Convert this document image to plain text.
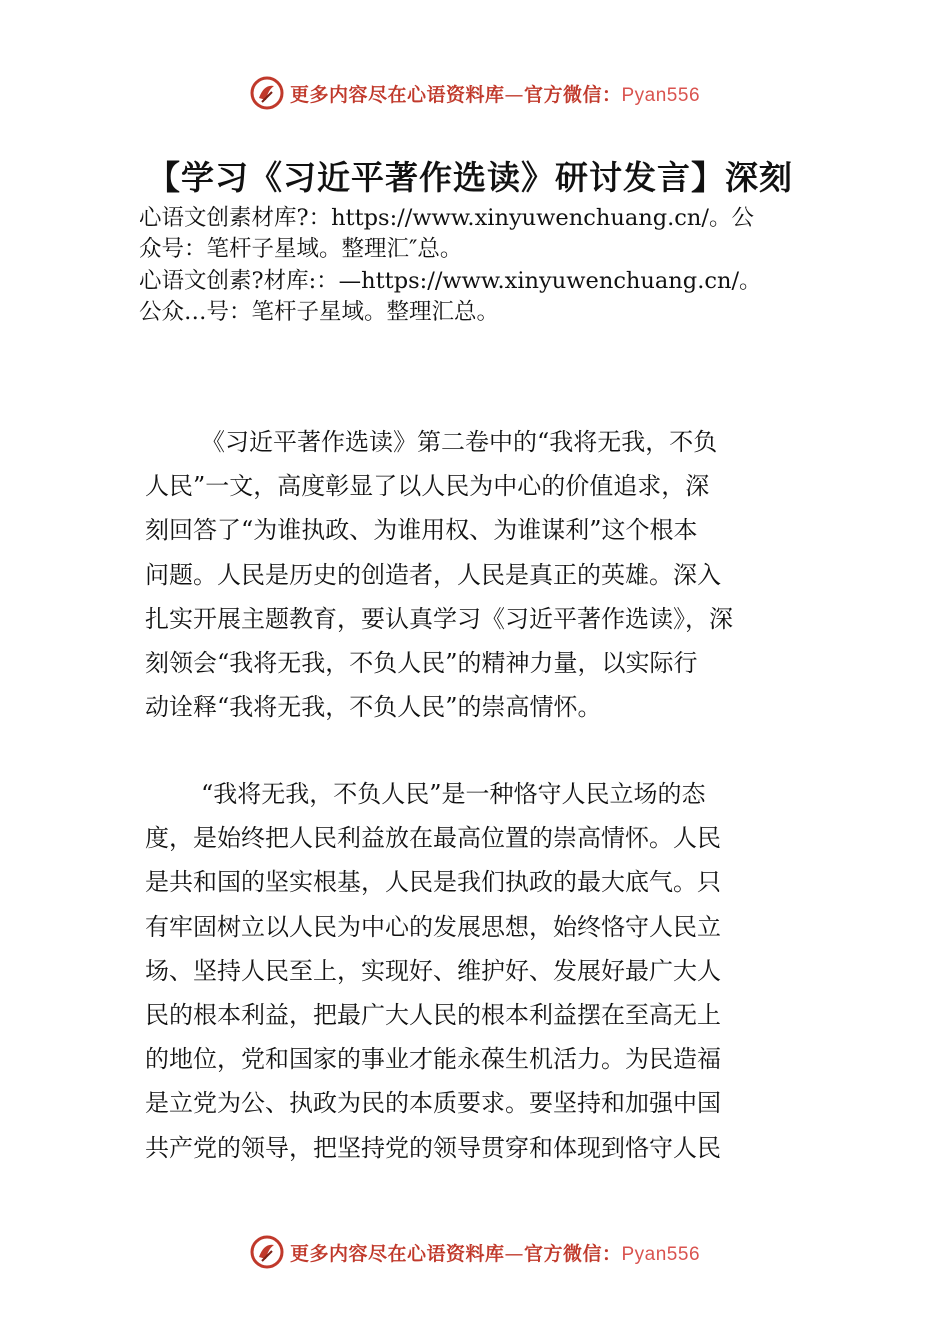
更多内容尽在心语资料库—官方微信：Pyan556
【学习《习近平著作选读》研讨发言】深刻
心语文创素材库?：https://www.xinyuwenchuang.cn/。公
众号：笔杆子星域。整理汇″总。
心语文创素?材库:：—https://www.xinyuwenchuang.cn/。
公众…号：笔杆子星域。整理汇总。
《习近平著作选读》第二卷中的“我将无我，不负
人民”一文，高度彰显了以人民为中心的价值追求，深
刻回答了“为谁执政、为谁用权、为谁谋利”这个根本
问题。人民是历史的创造者，人民是真正的英雄。深入
扎实开展主题教育，要认真学习《习近平著作选读》，深
刻领会“我将无我，不负人民”的精神力量，以实际行
动诠释“我将无我，不负人民”的崇高情怀。
“我将无我，不负人民”是一种恪守人民立场的态
度，是始终把人民利益放在最高位置的崇高情怀。人民
是共和国的坚实根基，人民是我们执政的最大底气。只
有牢固树立以人民为中心的发展思想，始终恪守人民立
场、坚持人民至上，实现好、维护好、发展好最广大人
民的根本利益，把最广大人民的根本利益摆在至高无上
的地位，党和国家的事业才能永葆生机活力。为民造福
是立党为公、执政为民的本质要求。要坚持和加强中国
共产党的领导，把坚持党的领导贯穿和体现到恪守人民
更多内容尽在心语资料库—官方微信：Pyan556
